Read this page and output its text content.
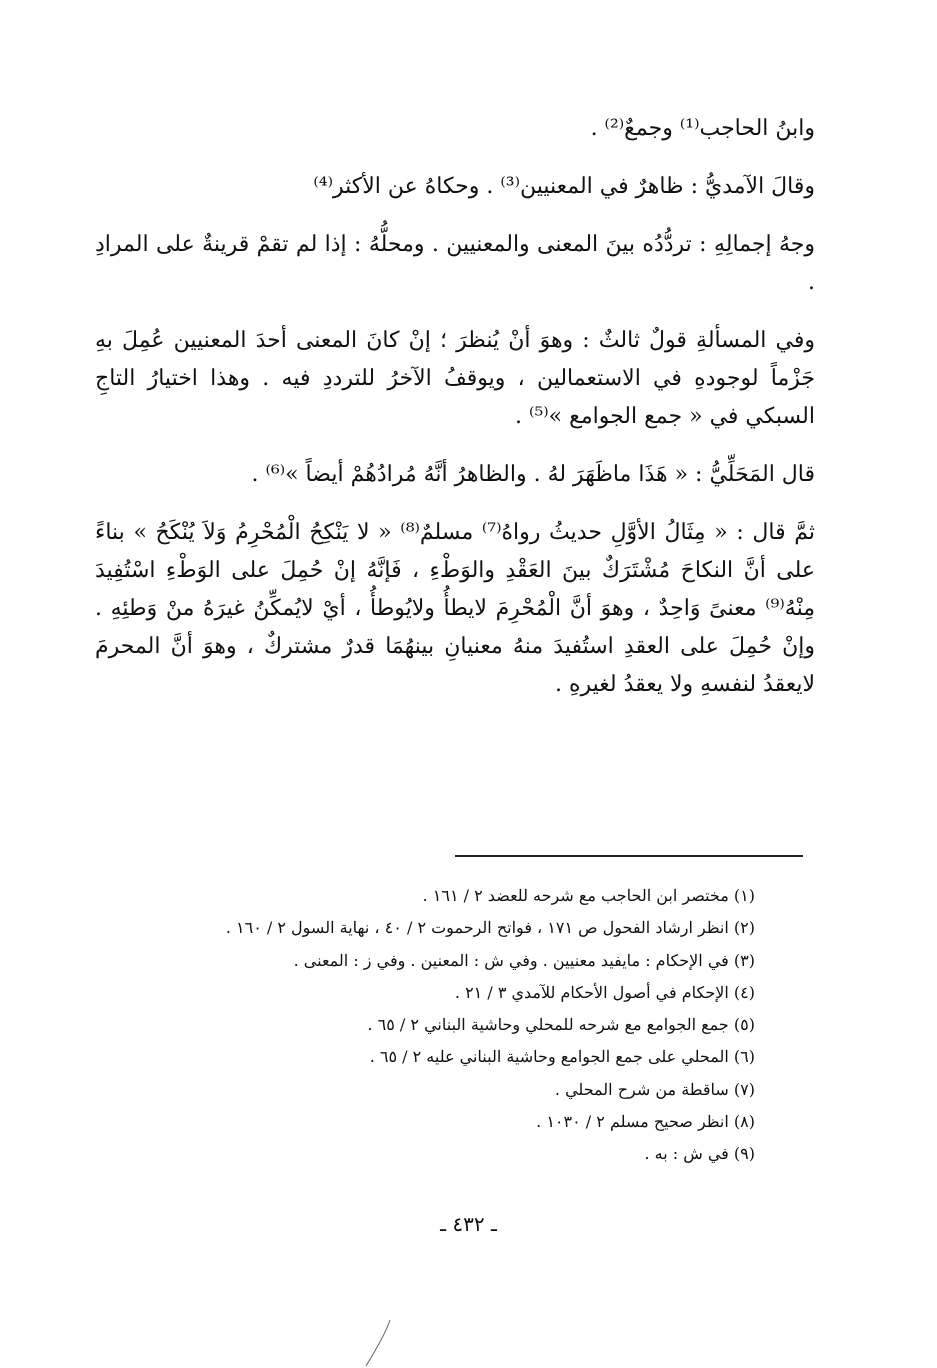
وابنُ الحاجب⁽¹⁾ وجمعٌ⁽²⁾ .

وقالَ الآمديُّ : ظاهرٌ في المعنيين⁽³⁾ . وحكاهُ عن الأكثر⁽⁴⁾

وجهُ إجمالِهِ : تردُّدُه بينَ المعنى والمعنيين . ومحلُّهُ : إذا لم تقمْ قرينةٌ على المرادِ .

وفي المسألةِ قولٌ ثالثٌ : وهوَ أنْ يُنظرَ ؛ إنْ كانَ المعنى أحدَ المعنيين عُمِلَ بهِ جَزْماً لوجودهِ في الاستعمالين ، ويوقفُ الآخرُ للترددِ فيه . وهذا اختيارُ التاجِ السبكي في « جمع الجوامع »⁽⁵⁾ .

قال المَحَلِّيُّ : « هَذَا ماظَهَرَ لهُ . والظاهرُ أنَّهُ مُرادُهُمْ أيضاً »⁽⁶⁾ .

ثمَّ قال : « مِثَالُ الأوَّلِ حديثُ رواهُ⁽⁷⁾ مسلمٌ⁽⁸⁾ « لا يَنْكِحُ الْمُحْرِمُ وَلاَ يُنْكَحُ » بناءً على أنَّ النكاحَ مُشْتَرَكٌ بينَ العَقْدِ والوَطْءِ ، فَإنَّهُ إنْ حُمِلَ على الوَطْءِ اسْتُفِيدَ مِنْهُ⁽⁹⁾ معنىً وَاحِدٌ ، وهوَ أنَّ الْمُحْرِمَ لايطأُ ولايُوطأُ ، أيْ لايُمكِّنُ غيرَهُ منْ وَطئِهِ . وإنْ حُمِلَ على العقدِ استُفيدَ منهُ معنيانِ بينهُمَا قدرٌ مشتركٌ ، وهوَ أنَّ المحرمَ لايعقدُ لنفسهِ ولا يعقدُ لغيرهِ .

(١) مختصر ابن الحاجب مع شرحه للعضد ٢ / ١٦١ .

(٢) انظر ارشاد الفحول ص ١٧١ ، فواتح الرحموت ٢ / ٤٠ ، نهاية السول ٢ / ١٦٠ .

(٣) في الإحكام : مايفيد معنيين . وفي ش : المعنين . وفي ز : المعنى .

(٤) الإحكام في أصول الأحكام للآمدي ٣ / ٢١ .

(٥) جمع الجوامع مع شرحه للمحلي وحاشية البناني ٢ / ٦٥ .

(٦) المحلي على جمع الجوامع وحاشية البناني عليه ٢ / ٦٥ .

(٧) ساقطة من شرح المحلي .

(٨) انظر صحيح مسلم ٢ / ١٠٣٠ .

(٩) في ش : به .

ـ ٤٣٢ ـ
